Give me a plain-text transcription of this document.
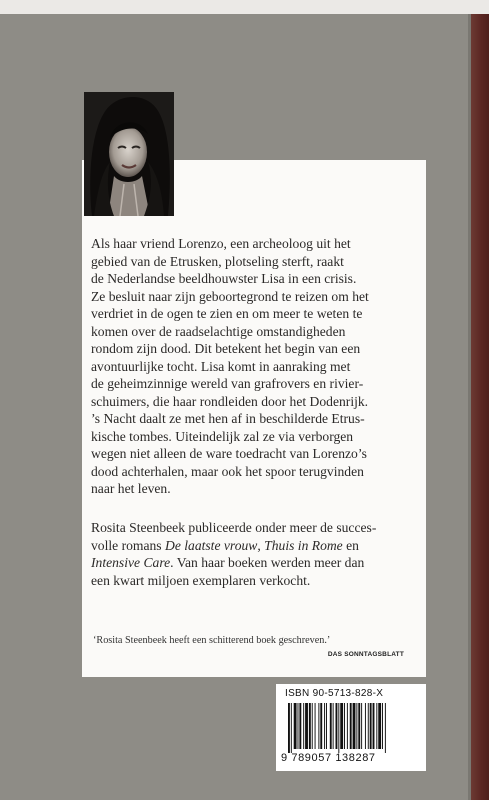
Als haar vriend Lorenzo, een archeoloog uit het
gebied van de Etrusken, plotseling sterft, raakt
de Nederlandse beeldhouwster Lisa in een crisis.
Ze besluit naar zijn geboortegrond te reizen om het
verdriet in de ogen te zien en om meer te weten te
komen over de raadselachtige omstandigheden
rondom zijn dood. Dit betekent het begin van een
avontuurlijke tocht. Lisa komt in aanraking met
de geheimzinnige wereld van grafrovers en rivier-
schuimers, die haar rondleiden door het Dodenrijk.
’s Nacht daalt ze met hen af in beschilderde Etrus-
kische tombes. Uiteindelijk zal ze via verborgen
wegen niet alleen de ware toedracht van Lorenzo’s
dood achterhalen, maar ook het spoor terugvinden
naar het leven.
Rosita Steenbeek publiceerde onder meer de succes-
volle romans De laatste vrouw, Thuis in Rome en
Intensive Care. Van haar boeken werden meer dan
een kwart miljoen exemplaren verkocht.
‘Rosita Steenbeek heeft een schitterend boek geschreven.’
DAS SONNTAGSBLATT
ISBN 90-5713-828-X
9 789057 138287
